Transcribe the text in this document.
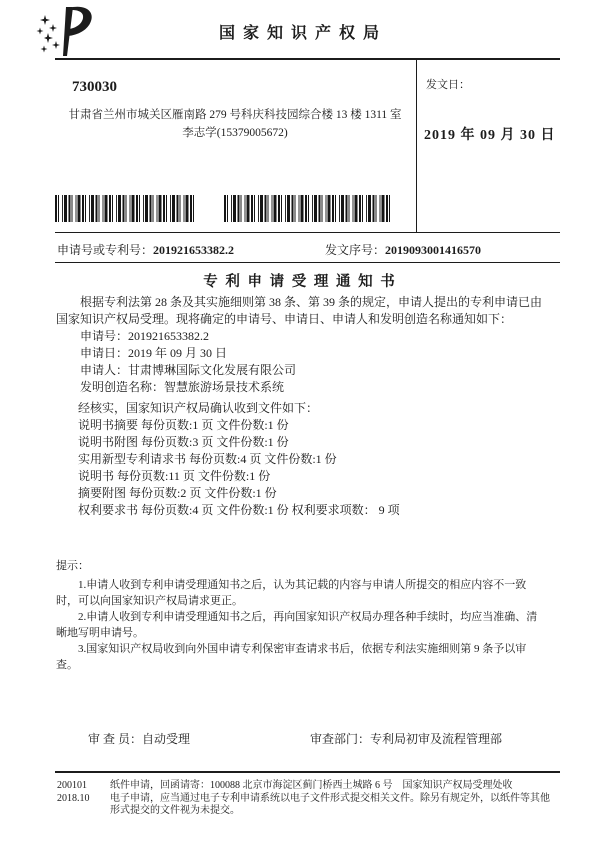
国 家 知 识 产 权 局
730030
甘肃省兰州市城关区雁南路 279 号科庆科技园综合楼 13 楼 1311 室
李志学(15379005672)
发文日：
2019 年 09 月 30 日
申请号或专利号：201921653382.2	发文序号：2019093001416570
专 利 申 请 受 理 通 知 书
根据专利法第 28 条及其实施细则第 38 条、第 39 条的规定，申请人提出的专利申请已由国家知识产权局受理。现将确定的申请号、申请日、申请人和发明创造名称通知如下：
申请号：201921653382.2
申请日：2019 年 09 月 30 日
申请人：甘肃博琳国际文化发展有限公司
发明创造名称：智慧旅游场景技术系统
经核实，国家知识产权局确认收到文件如下：
说明书摘要 每份页数:1 页 文件份数:1 份
说明书附图 每份页数:3 页 文件份数:1 份
实用新型专利请求书 每份页数:4 页 文件份数:1 份
说明书 每份页数:11 页 文件份数:1 份
摘要附图 每份页数:2 页 文件份数:1 份
权利要求书 每份页数:4 页 文件份数:1 份 权利要求项数： 9 项
提示：
1.申请人收到专利申请受理通知书之后，认为其记载的内容与申请人所提交的相应内容不一致时，可以向国家知识产权局请求更正。
2.申请人收到专利申请受理通知书之后，再向国家知识产权局办理各种手续时，均应当准确、清晰地写明申请号。
3.国家知识产权局收到向外国申请专利保密审查请求书后，依据专利法实施细则第 9 条予以审查。
审 查 员：自动受理	审查部门：专利局初审及流程管理部
200101	纸件申请，回函请寄：100088 北京市海淀区蓟门桥西土城路 6 号　国家知识产权局受理处收
2018.10	电子申请，应当通过电子专利申请系统以电子文件形式提交相关文件。除另有规定外，以纸件等其他形式提交的文件视为未提交。
